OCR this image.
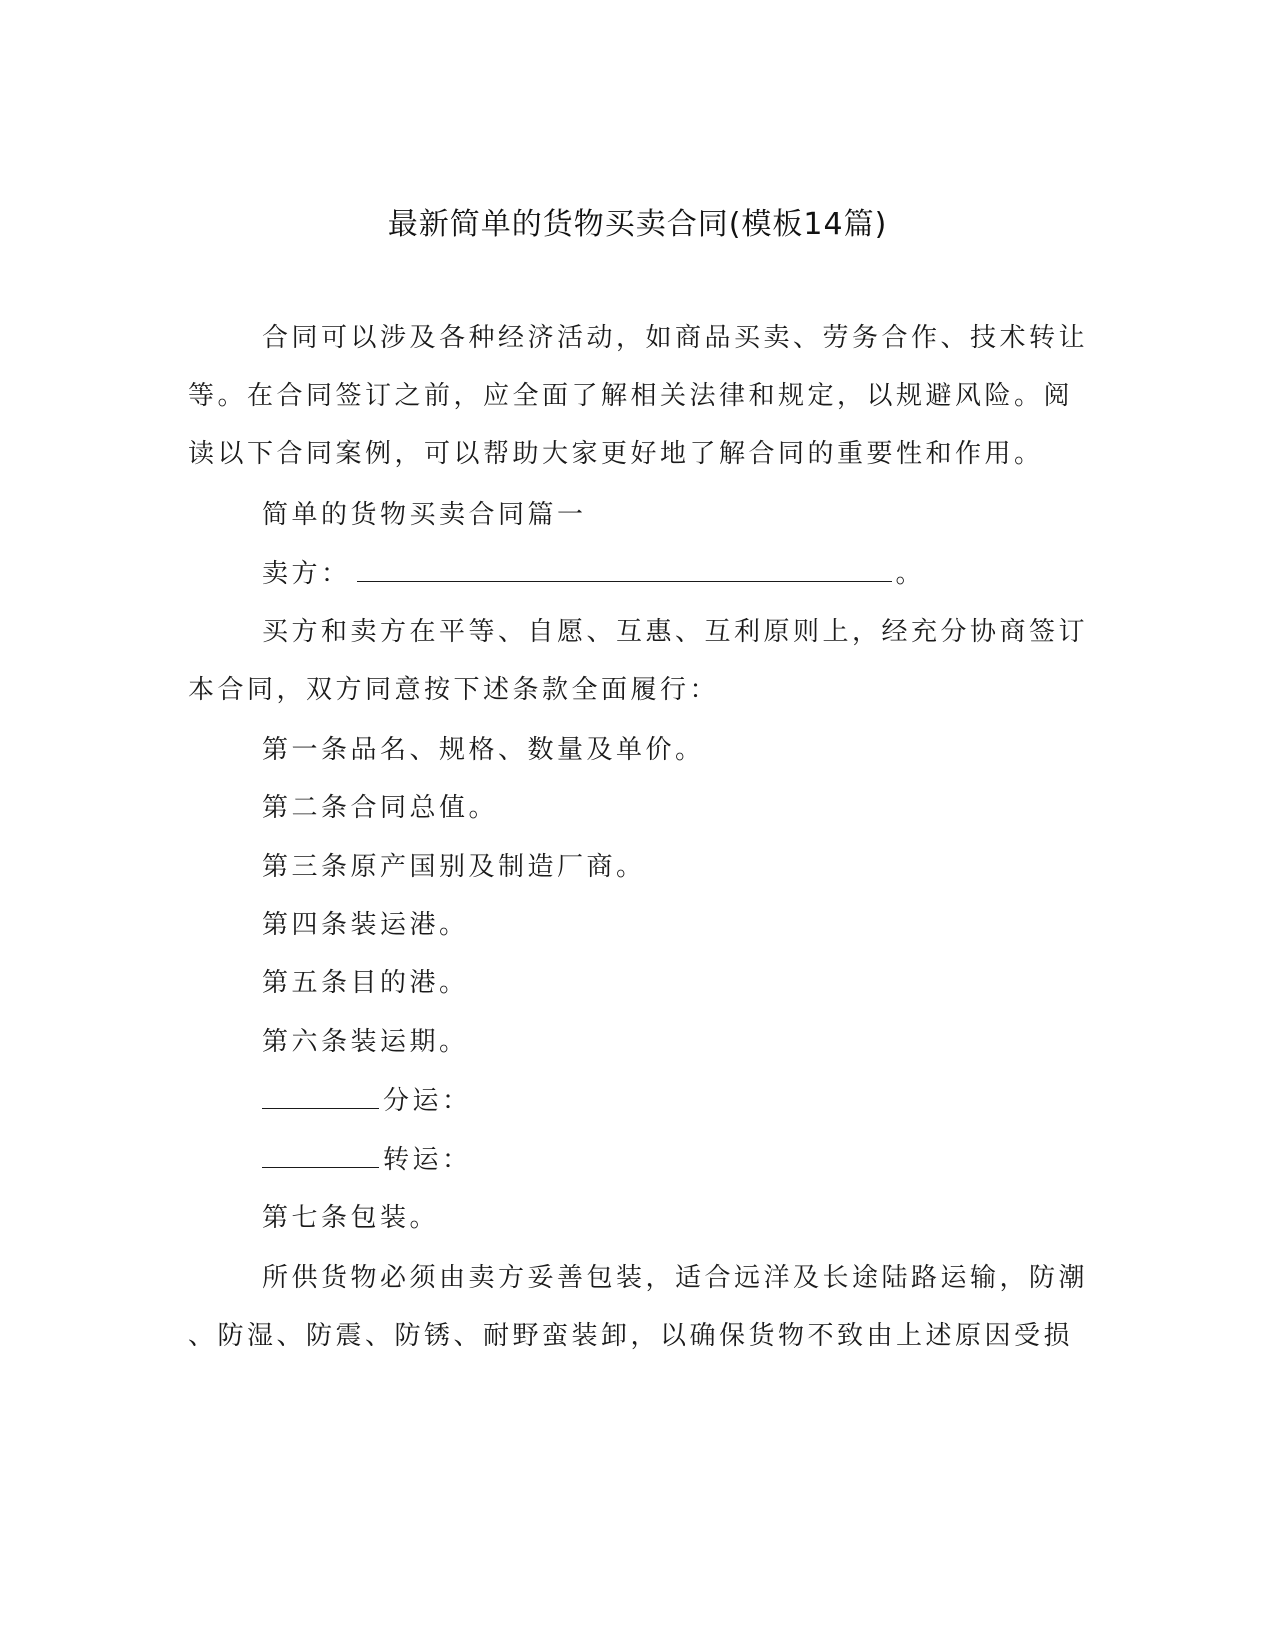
最新简单的货物买卖合同(模板14篇)
合同可以涉及各种经济活动，如商品买卖、劳务合作、技术转让
等。在合同签订之前，应全面了解相关法律和规定，以规避风险。阅
读以下合同案例，可以帮助大家更好地了解合同的重要性和作用。
简单的货物买卖合同篇一
卖方：	。
买方和卖方在平等、自愿、互惠、互利原则上，经充分协商签订
本合同，双方同意按下述条款全面履行：
第一条品名、规格、数量及单价。
第二条合同总值。
第三条原产国别及制造厂商。
第四条装运港。
第五条目的港。
第六条装运期。
分运：
转运：
第七条包装。
所供货物必须由卖方妥善包装，适合远洋及长途陆路运输，防潮
、防湿、防震、防锈、耐野蛮装卸，以确保货物不致由上述原因受损
